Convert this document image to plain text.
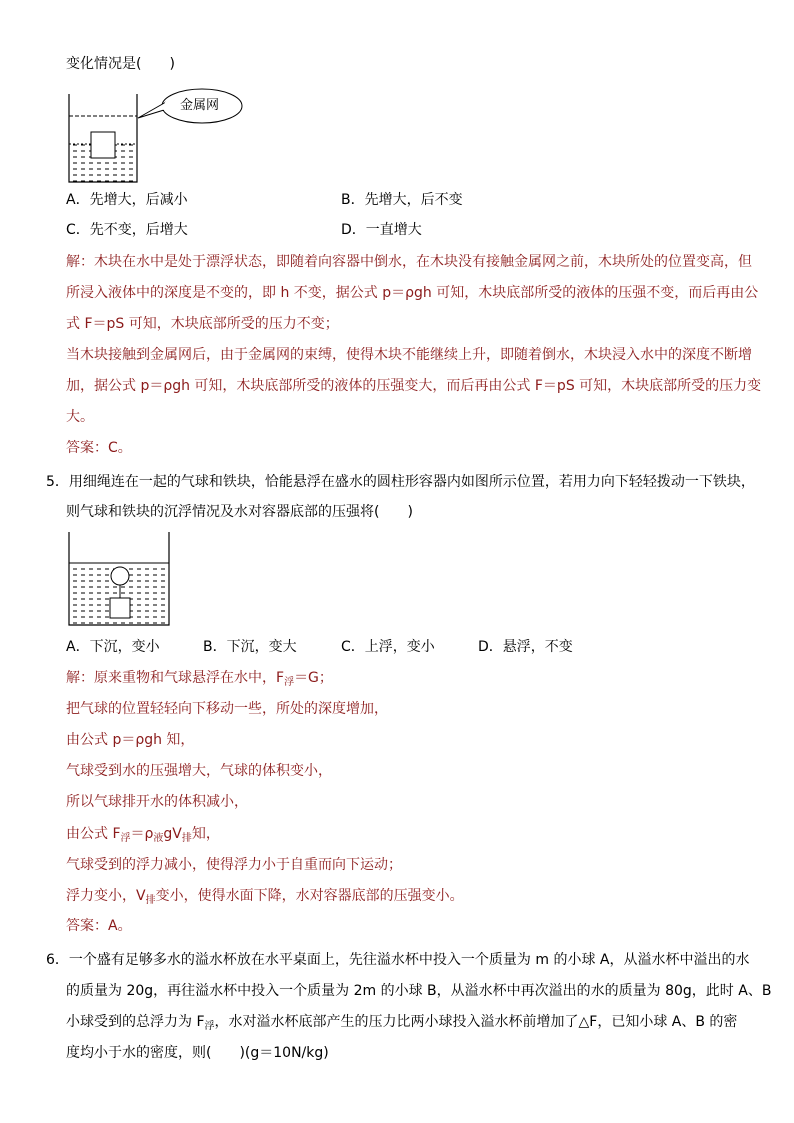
变化情况是(　　)
金属网
A．先增大，后减小	B．先增大，后不变
C．先不变，后增大	D．一直增大
解：木块在水中是处于漂浮状态，即随着向容器中倒水，在木块没有接触金属网之前，木块所处的位置变高，但
所浸入液体中的深度是不变的，即 h 不变，据公式 p＝ρgh 可知，木块底部所受的液体的压强不变，而后再由公
式 F＝pS 可知，木块底部所受的压力不变；
当木块接触到金属网后，由于金属网的束缚，使得木块不能继续上升，即随着倒水，木块浸入水中的深度不断增
加，据公式 p＝ρgh 可知，木块底部所受的液体的压强变大，而后再由公式 F＝pS 可知，木块底部所受的压力变
大。
答案：C。
5．用细绳连在一起的气球和铁块，恰能悬浮在盛水的圆柱形容器内如图所示位置，若用力向下轻轻拨动一下铁块，
则气球和铁块的沉浮情况及水对容器底部的压强将(　　)
A．下沉，变小	B．下沉，变大	C．上浮，变小	D．悬浮，不变
解：原来重物和气球悬浮在水中，$F_浮=G$；
把气球的位置轻轻向下移动一些，所处的深度增加，
由公式 p＝ρgh 知，
气球受到水的压强增大，气球的体积变小，
所以气球排开水的体积减小，
由公式 $F_浮=\rho_液gV_排$知，
气球受到的浮力减小，使得浮力小于自重而向下运动；
浮力变小，$V_排$变小，使得水面下降，水对容器底部的压强变小。
答案：A。
6．一个盛有足够多水的溢水杯放在水平桌面上，先往溢水杯中投入一个质量为 m 的小球 A，从溢水杯中溢出的水
的质量为 20g，再往溢水杯中投入一个质量为 2m 的小球 B，从溢水杯中再次溢出的水的质量为 80g，此时 A、B
小球受到的总浮力为 $F_浮$，水对溢水杯底部产生的压力比两小球投入溢水杯前增加了△F，已知小球 A、B 的密
度均小于水的密度，则(　　)(g＝10N/kg)
